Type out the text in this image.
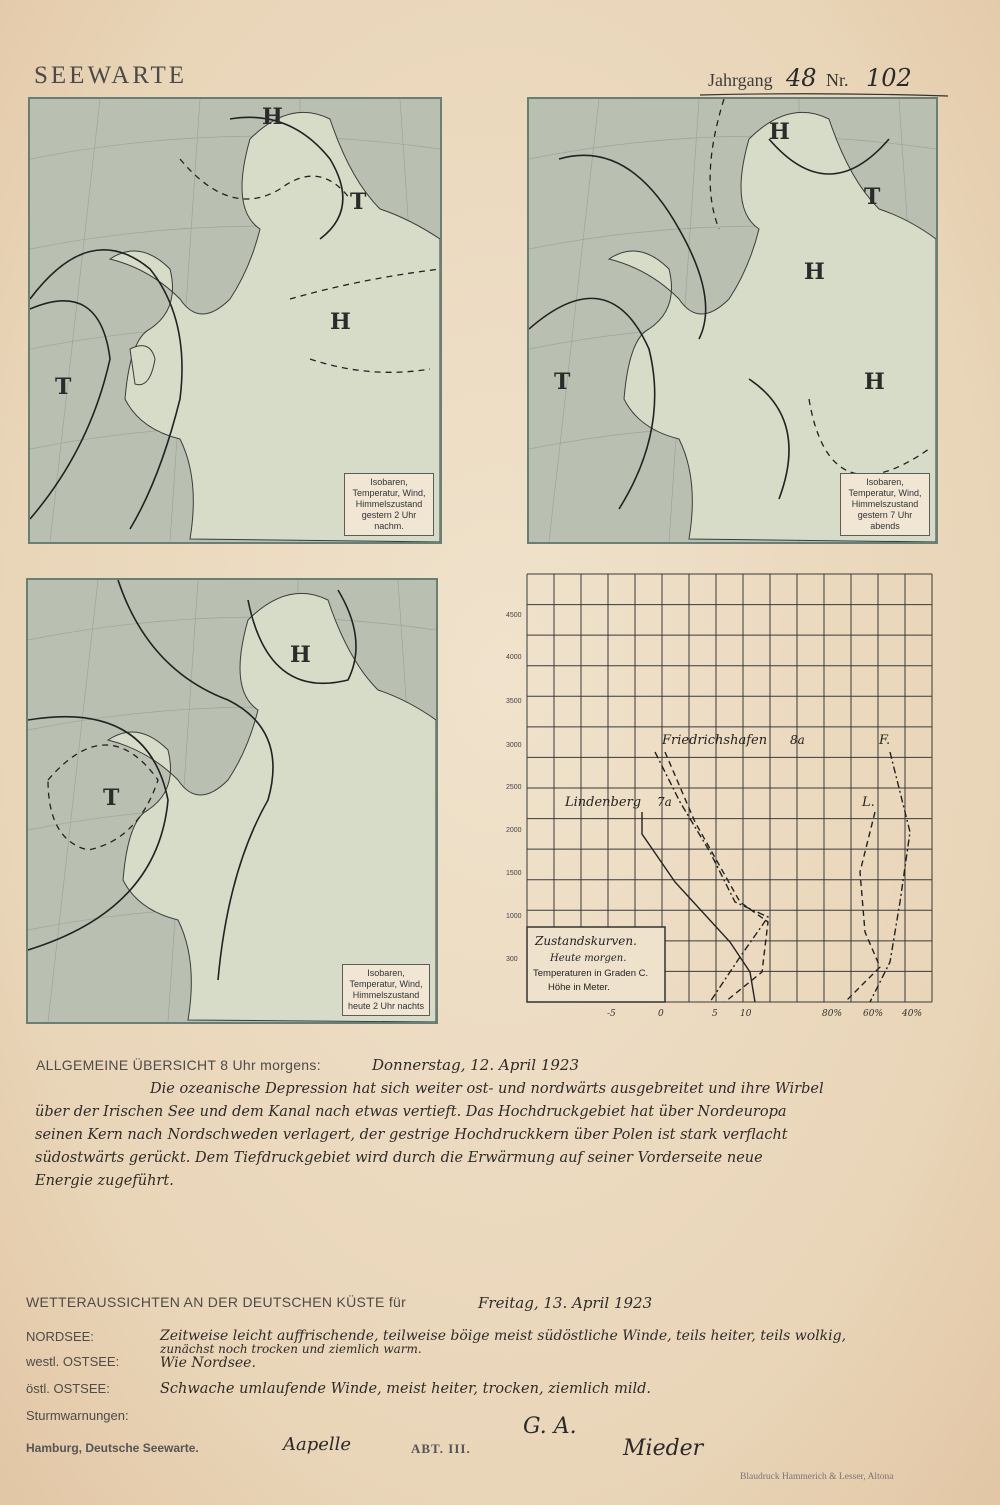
SEEWARTE	Jahrgang 48 Nr. 102
T
H
T
H
Isobaren,
Temperatur, Wind,
Himmelszustand
gestern 2 Uhr nachm.
T
H
T
H
H
Isobaren,
Temperatur, Wind,
Himmelszustand
gestern 7 Uhr abends
T
H
Isobaren,
Temperatur, Wind,
Himmelszustand
heute 2 Uhr nachts
300
1000
1500
2000
2500
3000
3500
4000
4500
-5	0	5 10	80% 60% 40%
Friedrichshafen 8a
Lindenberg 7a
F.
L.
Zustandskurven.
Heute morgen.
Temperaturen in Graden C.
Höhe in Meter.
ALLGEMEINE ÜBERSICHT 8 Uhr morgens:	Donnerstag, 12. April 1923
Die ozeanische Depression hat sich weiter ost- und nordwärts ausgebreitet und ihre Wirbel
über der Irischen See und dem Kanal nach etwas vertieft. Das Hochdruckgebiet hat über Nordeuropa
seinen Kern nach Nordschweden verlagert, der gestrige Hochdruckkern über Polen ist stark verflacht
südostwärts gerückt. Dem Tiefdruckgebiet wird durch die Erwärmung auf seiner Vorderseite neue
Energie zugeführt.
WETTERAUSSICHTEN AN DER DEUTSCHEN KÜSTE für	Freitag, 13. April 1923
NORDSEE:	Zeitweise leicht auffrischende, teilweise böige meist südöstliche Winde, teils heiter, teils wolkig,
zunächst noch trocken und ziemlich warm.
westl. OSTSEE:	Wie Nordsee.
östl. OSTSEE:	Schwache umlaufende Winde, meist heiter, trocken, ziemlich mild.
Sturmwarnungen:
Hamburg, Deutsche Seewarte.	Aapelle	ABT. III.
G. A.
Mieder
Blaudruck Hammerich & Lesser, Altona
